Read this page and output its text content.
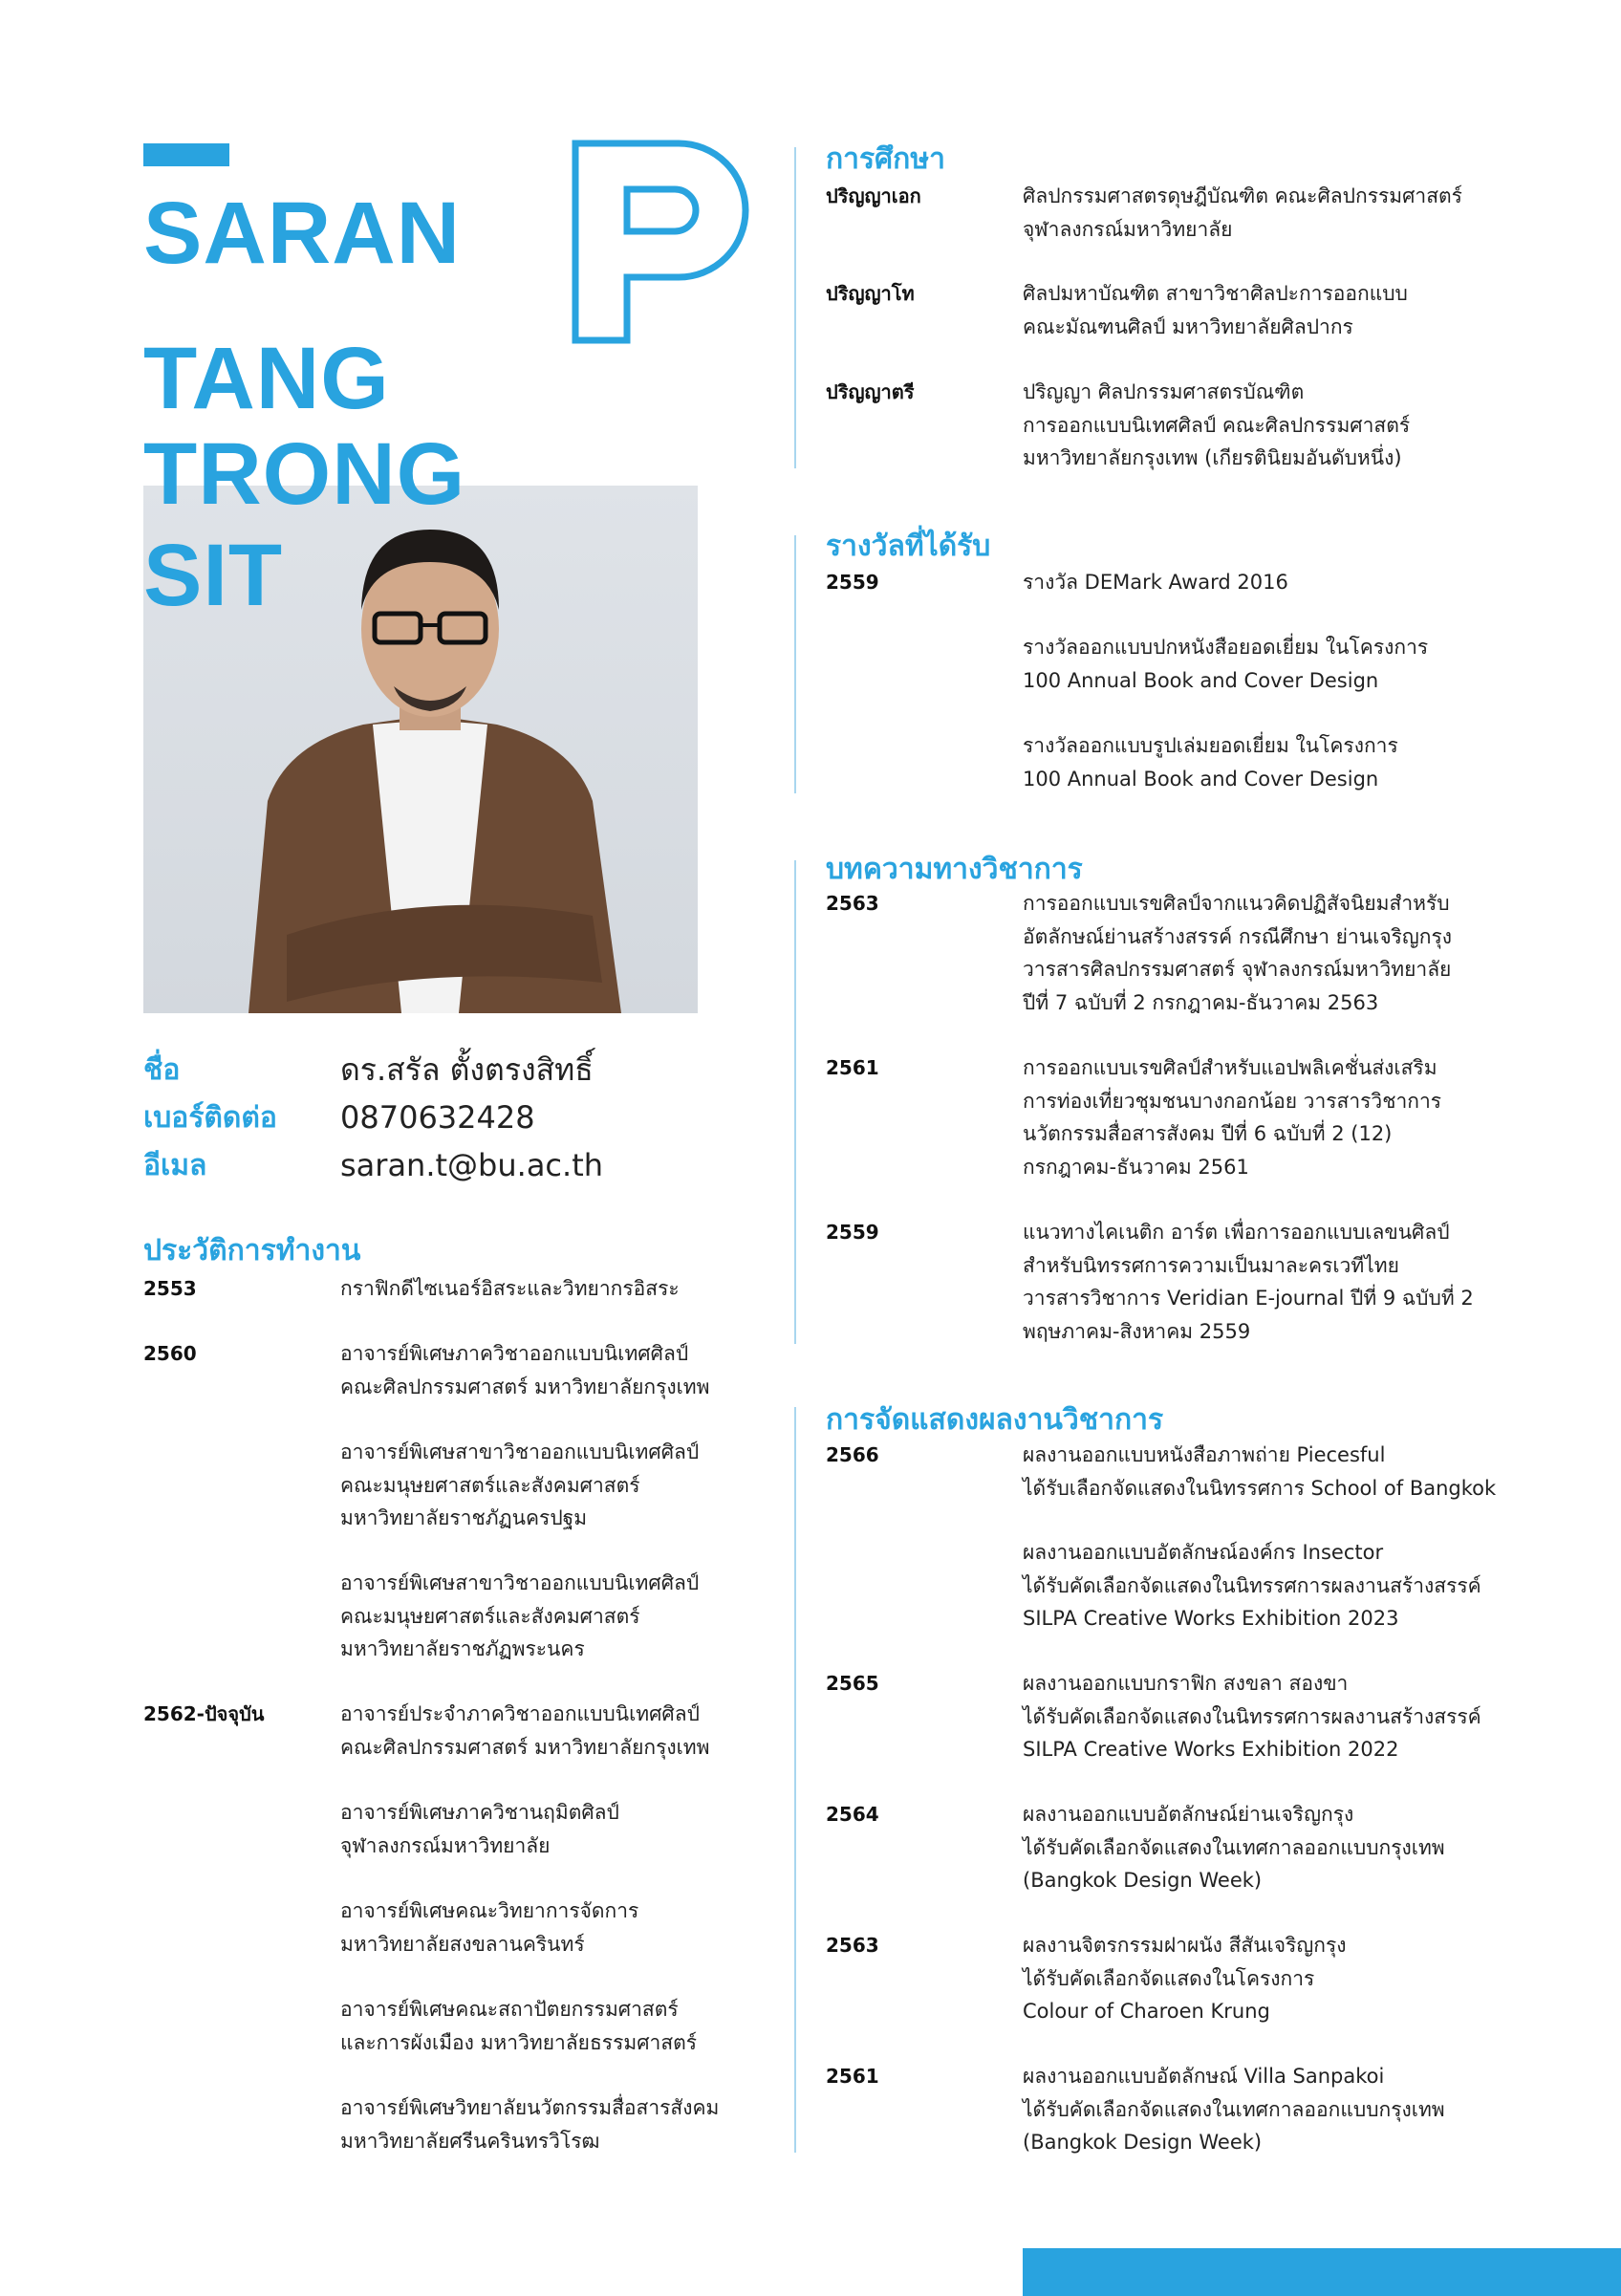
SARAN
TANG
TRONG
SIT
ชื่อ	ดร.สรัล ตั้งตรงสิทธิ์
เบอร์ติดต่อ	0870632428
อีเมล	saran.t@bu.ac.th
ประวัติการทำงาน
2553	กราฟิกดีไซเนอร์อิสระและวิทยากรอิสระ
2560	อาจารย์พิเศษภาควิชาออกแบบนิเทศศิลป์
คณะศิลปกรรมศาสตร์ มหาวิทยาลัยกรุงเทพ
อาจารย์พิเศษสาขาวิชาออกแบบนิเทศศิลป์
คณะมนุษยศาสตร์และสังคมศาสตร์
มหาวิทยาลัยราชภัฏนครปฐม
อาจารย์พิเศษสาขาวิชาออกแบบนิเทศศิลป์
คณะมนุษยศาสตร์และสังคมศาสตร์
มหาวิทยาลัยราชภัฏพระนคร
2562-ปัจจุบัน	อาจารย์ประจำภาควิชาออกแบบนิเทศศิลป์
คณะศิลปกรรมศาสตร์ มหาวิทยาลัยกรุงเทพ
อาจารย์พิเศษภาควิชานฤมิตศิลป์
จุฬาลงกรณ์มหาวิทยาลัย
อาจารย์พิเศษคณะวิทยาการจัดการ
มหาวิทยาลัยสงขลานครินทร์
อาจารย์พิเศษคณะสถาปัตยกรรมศาสตร์
และการผังเมือง มหาวิทยาลัยธรรมศาสตร์
อาจารย์พิเศษวิทยาลัยนวัตกรรมสื่อสารสังคม
มหาวิทยาลัยศรีนครินทรวิโรฒ
การศึกษา
ปริญญาเอก	ศิลปกรรมศาสตรดุษฎีบัณฑิต คณะศิลปกรรมศาสตร์
จุฬาลงกรณ์มหาวิทยาลัย
ปริญญาโท	ศิลปมหาบัณฑิต สาขาวิชาศิลปะการออกแบบ
คณะมัณฑนศิลป์ มหาวิทยาลัยศิลปากร
ปริญญาตรี	ปริญญา ศิลปกรรมศาสตรบัณฑิต
การออกแบบนิเทศศิลป์ คณะศิลปกรรมศาสตร์
มหาวิทยาลัยกรุงเทพ (เกียรตินิยมอันดับหนึ่ง)
รางวัลที่ได้รับ
2559	รางวัล DEMark Award 2016
รางวัลออกแบบปกหนังสือยอดเยี่ยม ในโครงการ
100 Annual Book and Cover Design
รางวัลออกแบบรูปเล่มยอดเยี่ยม ในโครงการ
100 Annual Book and Cover Design
บทความทางวิชาการ
2563	การออกแบบเรขศิลป์จากแนวคิดปฏิสัจนิยมสำหรับ
อัตลักษณ์ย่านสร้างสรรค์ กรณีศึกษา ย่านเจริญกรุง
วารสารศิลปกรรมศาสตร์ จุฬาลงกรณ์มหาวิทยาลัย
ปีที่ 7 ฉบับที่ 2 กรกฎาคม-ธันวาคม 2563
2561	การออกแบบเรขศิลป์สำหรับแอปพลิเคชั่นส่งเสริม
การท่องเที่ยวชุมชนบางกอกน้อย วารสารวิชาการ
นวัตกรรมสื่อสารสังคม ปีที่ 6 ฉบับที่ 2 (12)
กรกฎาคม-ธันวาคม 2561
2559	แนวทางไคเนติก อาร์ต เพื่อการออกแบบเลขนศิลป์
สำหรับนิทรรศการความเป็นมาละครเวทีไทย
วารสารวิชาการ Veridian E-journal ปีที่ 9 ฉบับที่ 2
พฤษภาคม-สิงหาคม 2559
การจัดแสดงผลงานวิชาการ
2566	ผลงานออกแบบหนังสือภาพถ่าย Piecesful
ได้รับเลือกจัดแสดงในนิทรรศการ School of Bangkok
ผลงานออกแบบอัตลักษณ์องค์กร Insector
ได้รับคัดเลือกจัดแสดงในนิทรรศการผลงานสร้างสรรค์
SILPA Creative Works Exhibition 2023
2565	ผลงานออกแบบกราฟิก สงขลา สองขา
ได้รับคัดเลือกจัดแสดงในนิทรรศการผลงานสร้างสรรค์
SILPA Creative Works Exhibition 2022
2564	ผลงานออกแบบอัตลักษณ์ย่านเจริญกรุง
ได้รับคัดเลือกจัดแสดงในเทศกาลออกแบบกรุงเทพ
(Bangkok Design Week)
2563	ผลงานจิตรกรรมฝาผนัง สีสันเจริญกรุง
ได้รับคัดเลือกจัดแสดงในโครงการ
Colour of Charoen Krung
2561	ผลงานออกแบบอัตลักษณ์ Villa Sanpakoi
ได้รับคัดเลือกจัดแสดงในเทศกาลออกแบบกรุงเทพ
(Bangkok Design Week)
